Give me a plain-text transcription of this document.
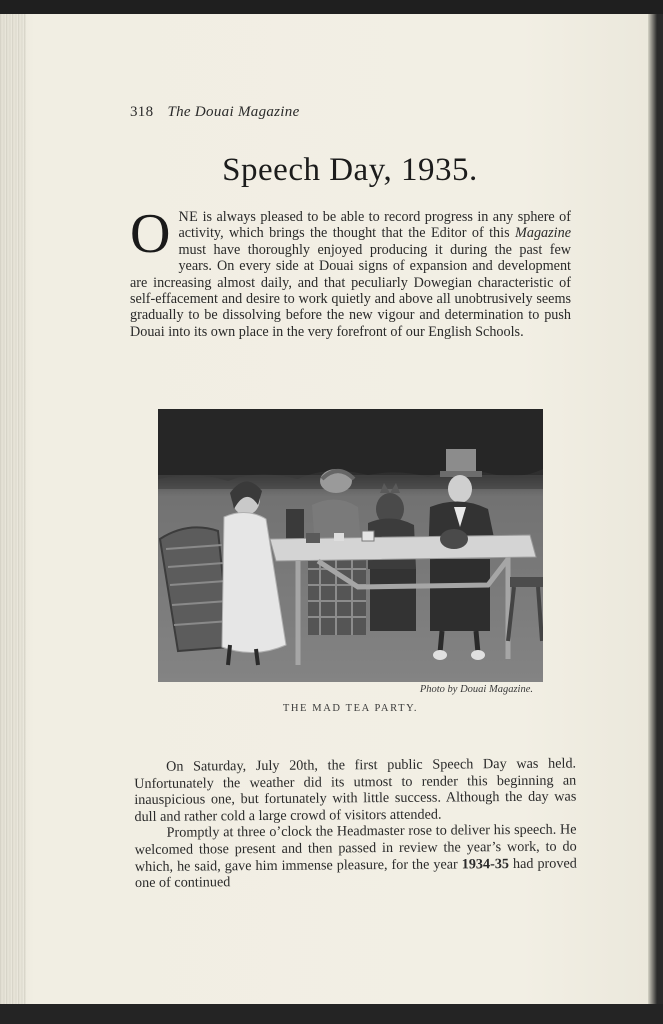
318 The Douai Magazine
Speech Day, 1935.

ONE is always pleased to be able to record progress in any sphere of activity, which brings the thought that the Editor of this Magazine must have thoroughly enjoyed producing it during the past few years. On every side at Douai signs of expansion and development are increasing almost daily, and that peculiarly Dowegian characteristic of self-effacement and desire to work quietly and above all unobtrusively seems gradually to be dissolving before the new vigour and determination to push Douai into its own place in the very forefront of our English Schools.

Photo by Douai Magazine.
THE MAD TEA PARTY.

On Saturday, July 20th, the first public Speech Day was held. Unfortunately the weather did its utmost to render this beginning an inauspicious one, but fortunately with little success. Although the day was dull and rather cold a large crowd of visitors attended.

Promptly at three o’clock the Headmaster rose to deliver his speech. He welcomed those present and then passed in review the year’s work, to do which, he said, gave him immense pleasure, for the year 1934-35 had proved one of continued
